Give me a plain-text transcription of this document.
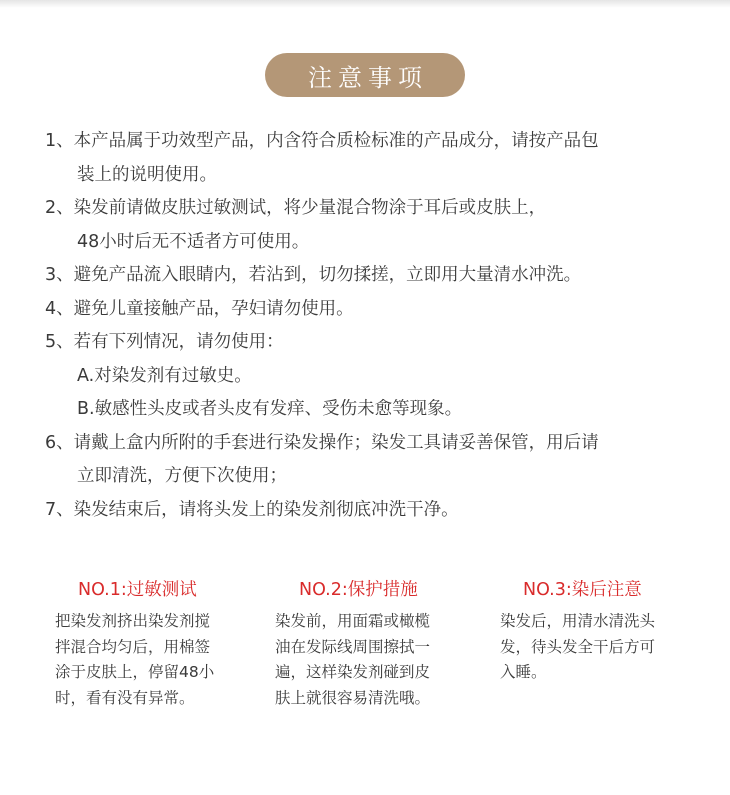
注意事项
1、本产品属于功效型产品，内含符合质检标准的产品成分，请按产品包
装上的说明使用。
2、染发前请做皮肤过敏测试，将少量混合物涂于耳后或皮肤上，
48小时后无不适者方可使用。
3、避免产品流入眼睛内，若沾到，切勿揉搓，立即用大量清水冲洗。
4、避免儿童接触产品，孕妇请勿使用。
5、若有下列情况，请勿使用：
A.对染发剂有过敏史。
B.敏感性头皮或者头皮有发痒、受伤未愈等现象。
6、请戴上盒内所附的手套进行染发操作；染发工具请妥善保管，用后请
立即清洗，方便下次使用；
7、染发结束后，请将头发上的染发剂彻底冲洗干净。
NO.1:过敏测试
把染发剂挤出染发剂搅
拌混合均匀后，用棉签
涂于皮肤上，停留48小
时，看有没有异常。
NO.2:保护措施
染发前，用面霜或橄榄
油在发际线周围擦拭一
遍，这样染发剂碰到皮
肤上就很容易清洗哦。
NO.3:染后注意
染发后，用清水清洗头
发，待头发全干后方可
入睡。
